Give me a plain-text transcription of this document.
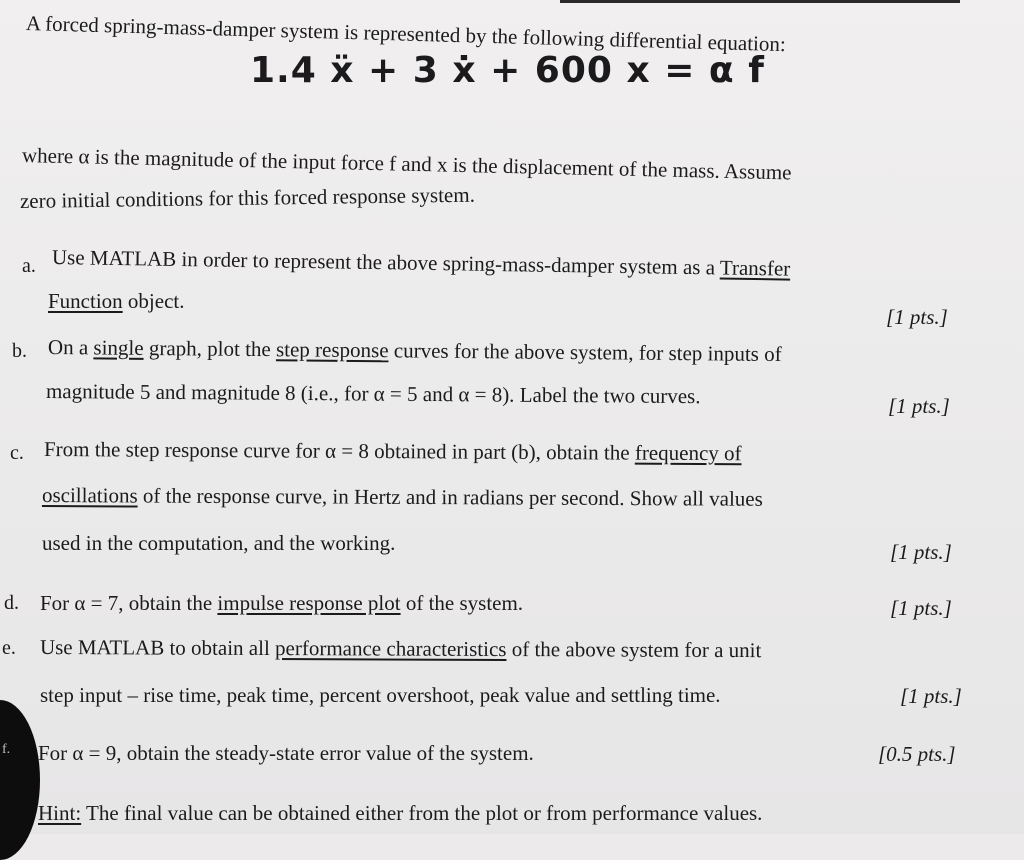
A forced spring-mass-damper system is represented by the following differential equation:
1.4 ẍ + 3 ẋ + 600 x = α f
where α is the magnitude of the input force f and x is the displacement of the mass. Assume
zero initial conditions for this forced response system.
a. Use MATLAB in order to represent the above spring-mass-damper system as a Transfer
Function object.
[1 pts.]
b. On a single graph, plot the step response curves for the above system, for step inputs of
magnitude 5 and magnitude 8 (i.e., for α = 5 and α = 8). Label the two curves.	[1 pts.]
c. From the step response curve for α = 8 obtained in part (b), obtain the frequency of
oscillations of the response curve, in Hertz and in radians per second. Show all values
used in the computation, and the working.	[1 pts.]
d. For α = 7, obtain the impulse response plot of the system.	[1 pts.]
e. Use MATLAB to obtain all performance characteristics of the above system for a unit
step input – rise time, peak time, percent overshoot, peak value and settling time.	[1 pts.]
f. For α = 9, obtain the steady-state error value of the system.	[0.5 pts.]
Hint: The final value can be obtained either from the plot or from performance values.
